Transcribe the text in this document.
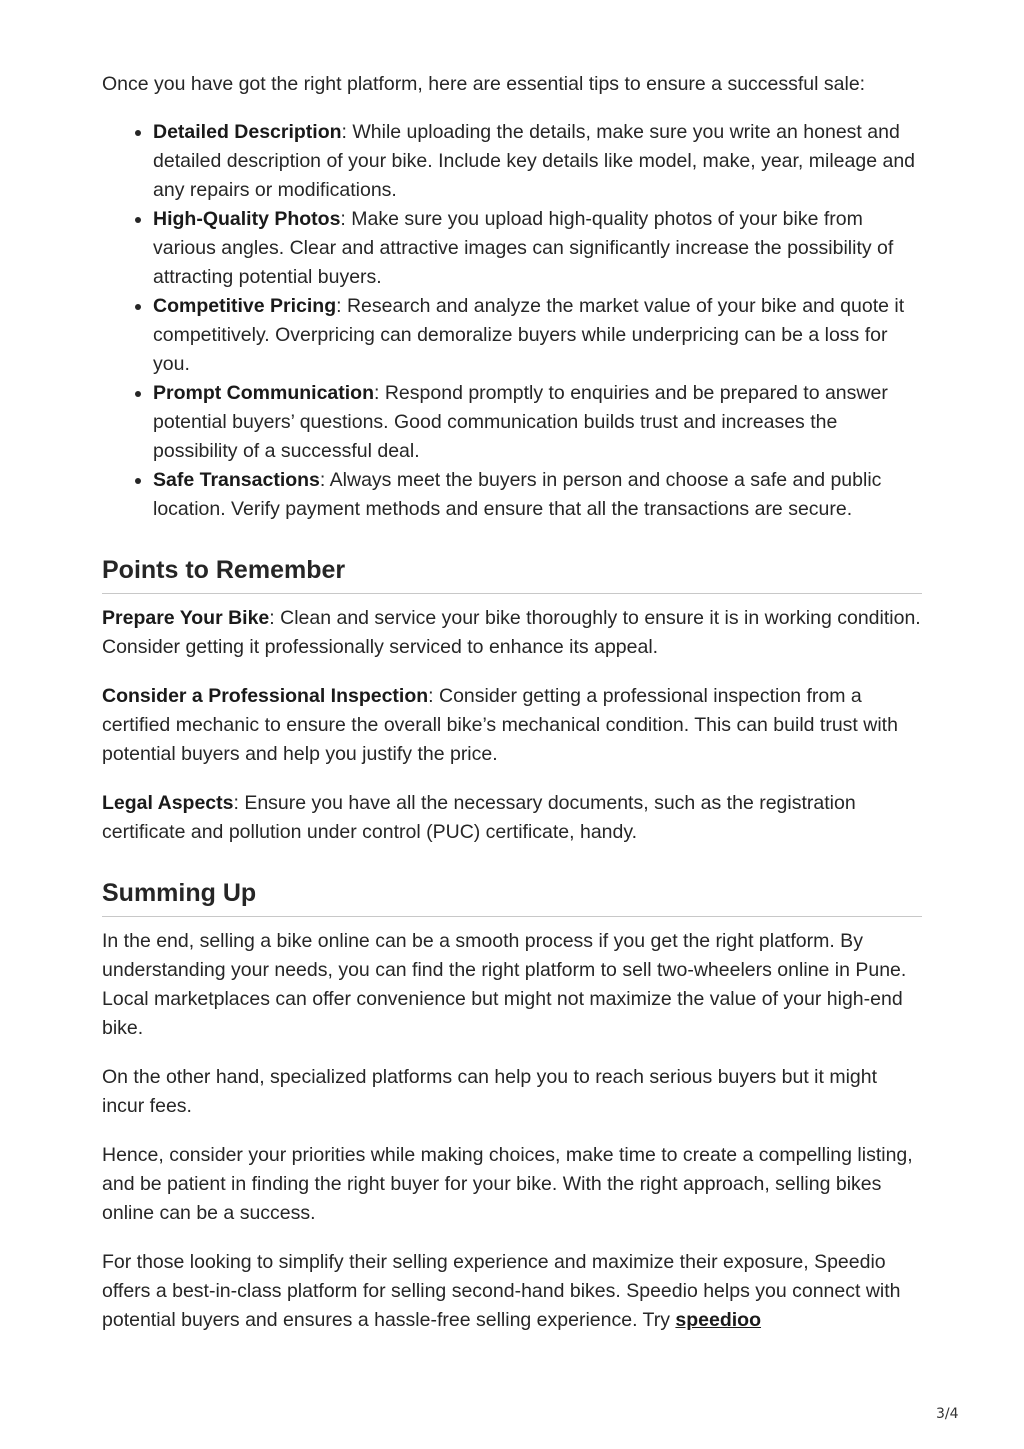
Once you have got the right platform, here are essential tips to ensure a successful sale:

• Detailed Description: While uploading the details, make sure you write an honest and detailed description of your bike. Include key details like model, make, year, mileage and any repairs or modifications.
• High-Quality Photos: Make sure you upload high-quality photos of your bike from various angles. Clear and attractive images can significantly increase the possibility of attracting potential buyers.
• Competitive Pricing: Research and analyze the market value of your bike and quote it competitively. Overpricing can demoralize buyers while underpricing can be a loss for you.
• Prompt Communication: Respond promptly to enquiries and be prepared to answer potential buyers’ questions. Good communication builds trust and increases the possibility of a successful deal.
• Safe Transactions: Always meet the buyers in person and choose a safe and public location. Verify payment methods and ensure that all the transactions are secure.
Points to Remember

Prepare Your Bike: Clean and service your bike thoroughly to ensure it is in working condition. Consider getting it professionally serviced to enhance its appeal.

Consider a Professional Inspection: Consider getting a professional inspection from a certified mechanic to ensure the overall bike’s mechanical condition. This can build trust with potential buyers and help you justify the price.

Legal Aspects: Ensure you have all the necessary documents, such as the registration certificate and pollution under control (PUC) certificate, handy.

Summing Up

In the end, selling a bike online can be a smooth process if you get the right platform. By understanding your needs, you can find the right platform to sell two-wheelers online in Pune. Local marketplaces can offer convenience but might not maximize the value of your high-end bike.

On the other hand, specialized platforms can help you to reach serious buyers but it might incur fees.

Hence, consider your priorities while making choices, make time to create a compelling listing, and be patient in finding the right buyer for your bike. With the right approach, selling bikes online can be a success.

For those looking to simplify their selling experience and maximize their exposure, Speedio offers a best-in-class platform for selling second-hand bikes. Speedio helps you connect with potential buyers and ensures a hassle-free selling experience. Try speedioo

3/4
